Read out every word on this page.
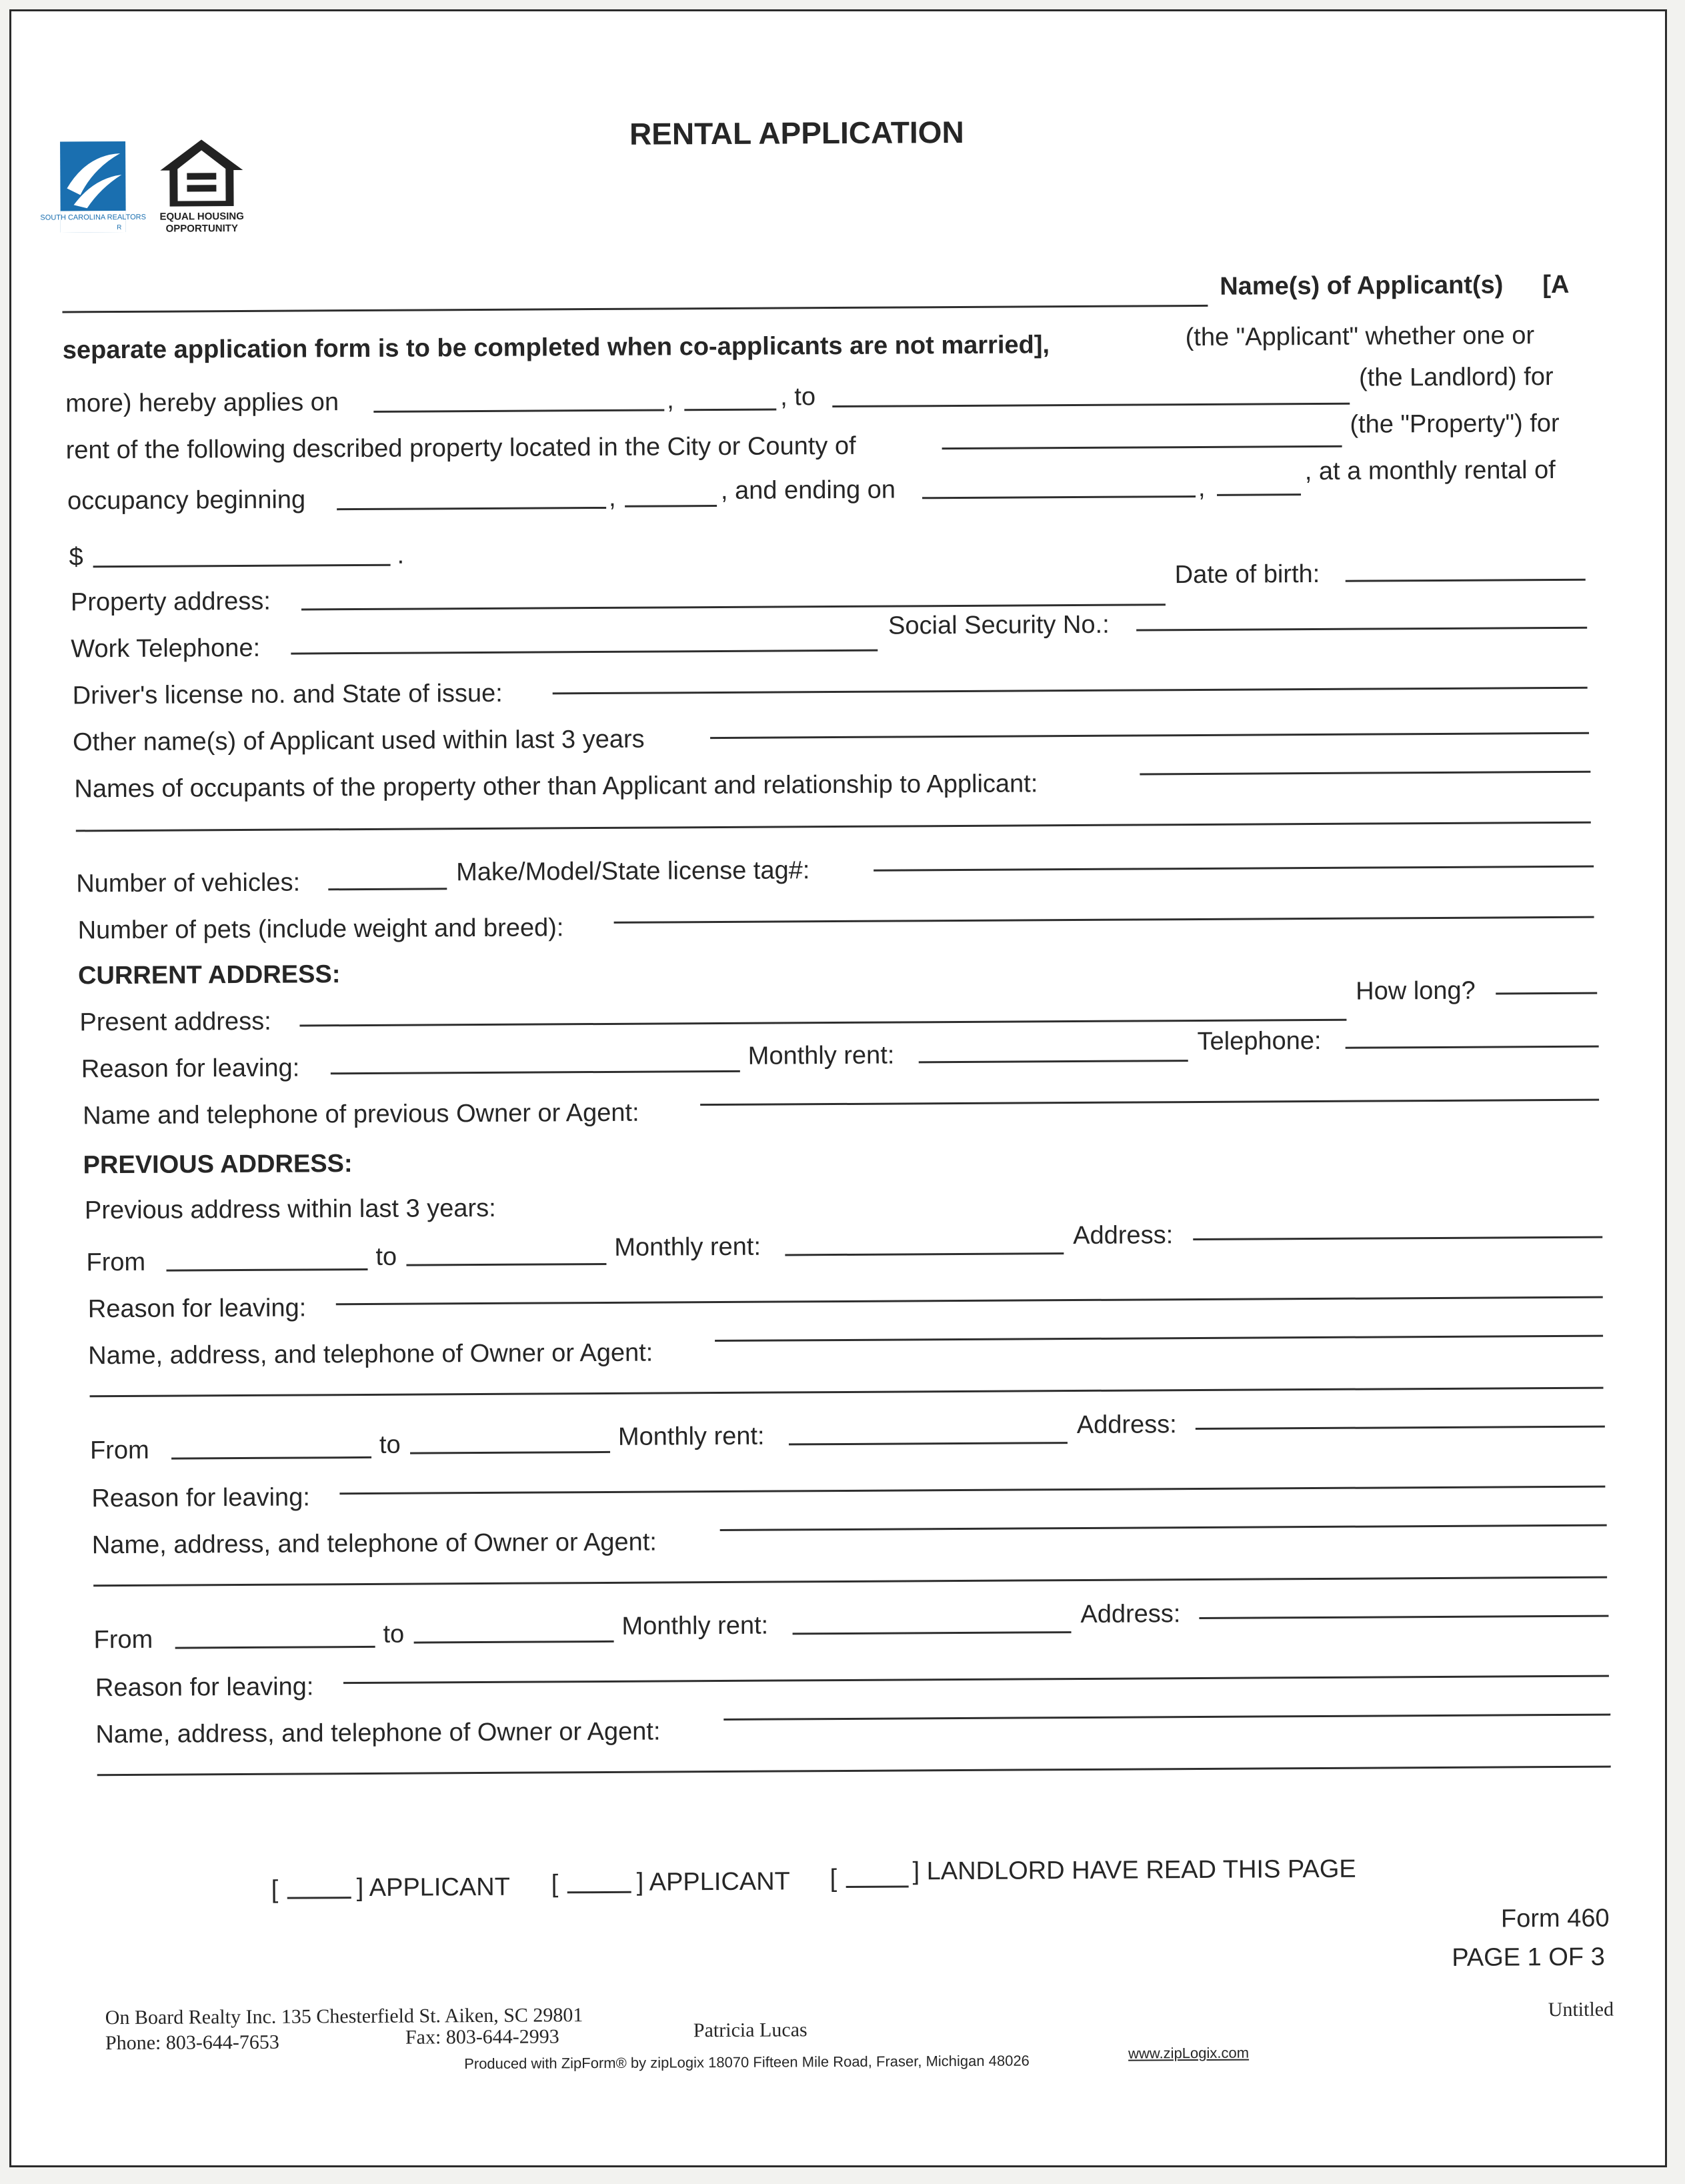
SOUTH CAROLINA REALTORS
R
EQUAL HOUSING
OPPORTUNITY
RENTAL APPLICATION
Name(s) of Applicant(s) [A
separate application form is to be completed when co-applicants are not married],	(the "Applicant" whether one or
more) hereby applies on	,	, to
(the Landlord) for
rent of the following described property located in the City or County of
(the "Property") for
occupancy beginning	,	, and ending on	,
, at a monthly rental of
$	.
Property address:
Date of birth:
Work Telephone:
Social Security No.:
Driver's license no. and State of issue:
Other name(s) of Applicant used within last 3 years
Names of occupants of the property other than Applicant and relationship to Applicant:
Number of vehicles:	Make/Model/State license tag#:
Number of pets (include weight and breed):
CURRENT ADDRESS:
Present address:
How long?
Reason for leaving:	Monthly rent:
Telephone:
Name and telephone of previous Owner or Agent:
PREVIOUS ADDRESS:
Previous address within last 3 years:
From	to	Monthly rent:	Address:
Reason for leaving:
Name, address, and telephone of Owner or Agent:
From	to	Monthly rent:	Address:
Reason for leaving:
Name, address, and telephone of Owner or Agent:
From	to	Monthly rent:	Address:
Reason for leaving:
Name, address, and telephone of Owner or Agent:
[	] APPLICANT [	] APPLICANT [	] LANDLORD HAVE READ THIS PAGE
Form 460
PAGE 1 OF 3
On Board Realty Inc. 135 Chesterfield St. Aiken, SC 29801
Phone: 803-644-7653	Fax: 803-644-2993	Patricia Lucas
Untitled
Produced with ZipForm® by zipLogix 18070 Fifteen Mile Road, Fraser, Michigan 48026	www.zipLogix.com
